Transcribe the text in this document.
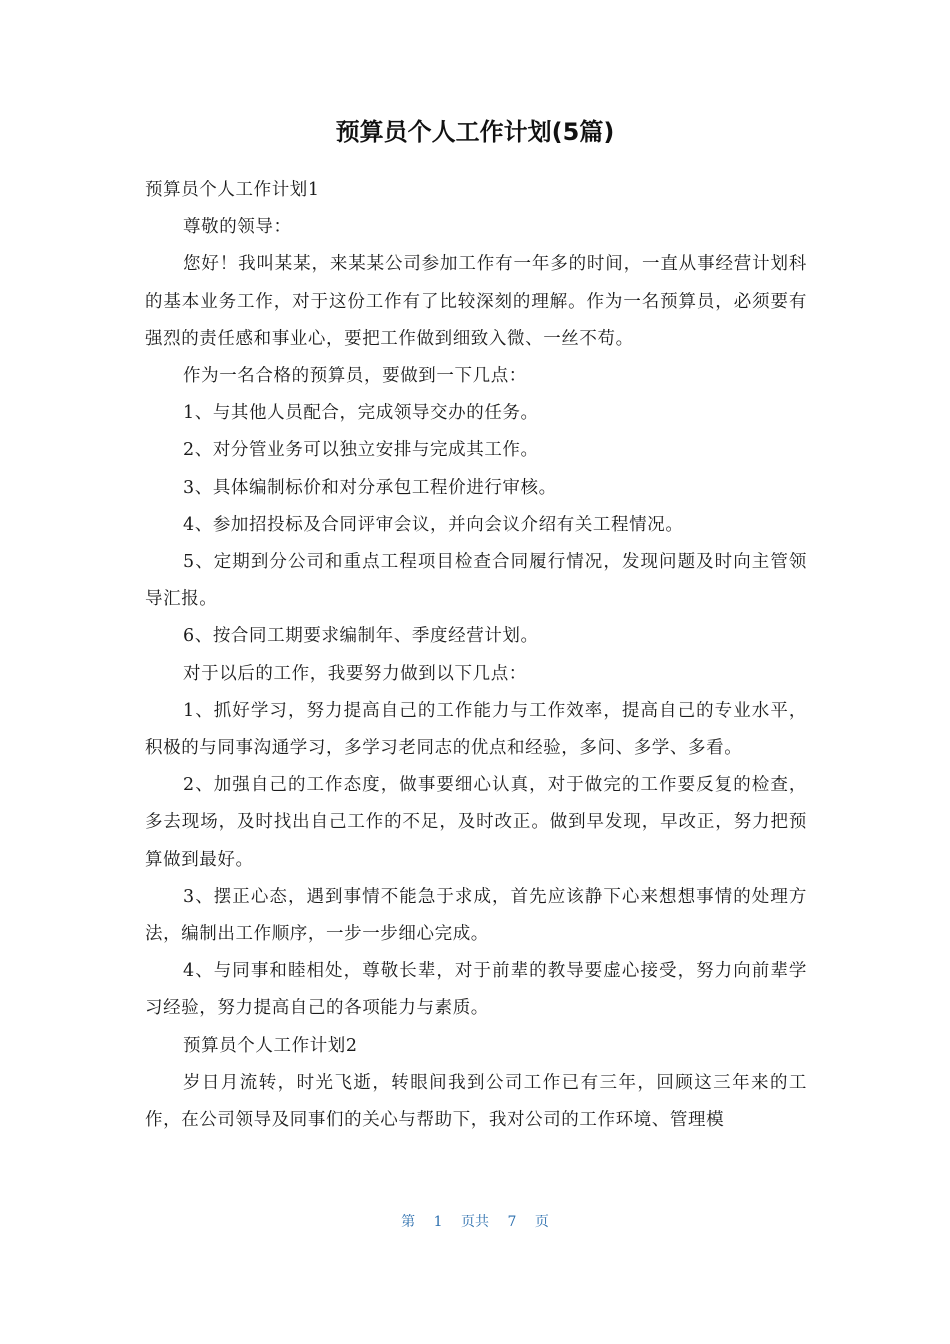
预算员个人工作计划(5篇)

预算员个人工作计划1

尊敬的领导：

您好！我叫某某，来某某公司参加工作有一年多的时间，一直从事经营计划科的基本业务工作，对于这份工作有了比较深刻的理解。作为一名预算员，必须要有强烈的责任感和事业心，要把工作做到细致入微、一丝不苟。

作为一名合格的预算员，要做到一下几点：

1、与其他人员配合，完成领导交办的任务。

2、对分管业务可以独立安排与完成其工作。

3、具体编制标价和对分承包工程价进行审核。

4、参加招投标及合同评审会议，并向会议介绍有关工程情况。

5、定期到分公司和重点工程项目检查合同履行情况，发现问题及时向主管领导汇报。

6、按合同工期要求编制年、季度经营计划。

对于以后的工作，我要努力做到以下几点：

1、抓好学习，努力提高自己的工作能力与工作效率，提高自己的专业水平，积极的与同事沟通学习，多学习老同志的优点和经验，多问、多学、多看。

2、加强自己的工作态度，做事要细心认真，对于做完的工作要反复的检查，多去现场，及时找出自己工作的不足，及时改正。做到早发现，早改正，努力把预算做到最好。

3、摆正心态，遇到事情不能急于求成，首先应该静下心来想想事情的处理方法，编制出工作顺序，一步一步细心完成。

4、与同事和睦相处，尊敬长辈，对于前辈的教导要虚心接受，努力向前辈学习经验，努力提高自己的各项能力与素质。

预算员个人工作计划2

岁日月流转，时光飞逝，转眼间我到公司工作已有三年，回顾这三年来的工作，在公司领导及同事们的关心与帮助下，我对公司的工作环境、管理模

第 1 页共 7 页
